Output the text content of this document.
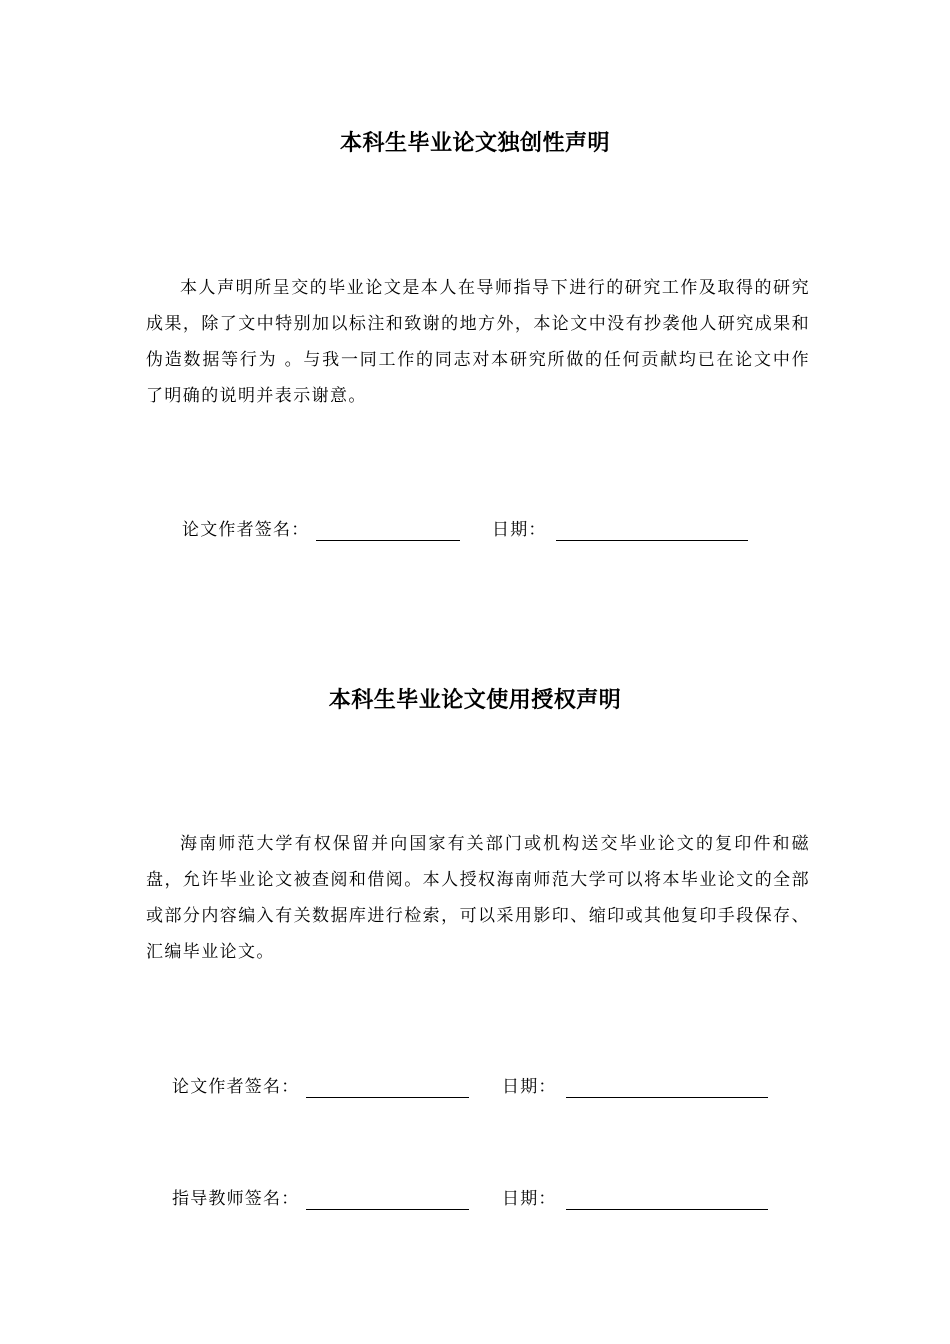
本科生毕业论文独创性声明

本人声明所呈交的毕业论文是本人在导师指导下进行的研究工作及取得的研究成果，除了文中特别加以标注和致谢的地方外，本论文中没有抄袭他人研究成果和伪造数据等行为 。与我一同工作的同志对本研究所做的任何贡献均已在论文中作了明确的说明并表示谢意。

论文作者签名：	日期：
本科生毕业论文使用授权声明

海南师范大学有权保留并向国家有关部门或机构送交毕业论文的复印件和磁盘，允许毕业论文被查阅和借阅。本人授权海南师范大学可以将本毕业论文的全部或部分内容编入有关数据库进行检索，可以采用影印、缩印或其他复印手段保存、汇编毕业论文。

论文作者签名：	日期：
指导教师签名：	日期：
